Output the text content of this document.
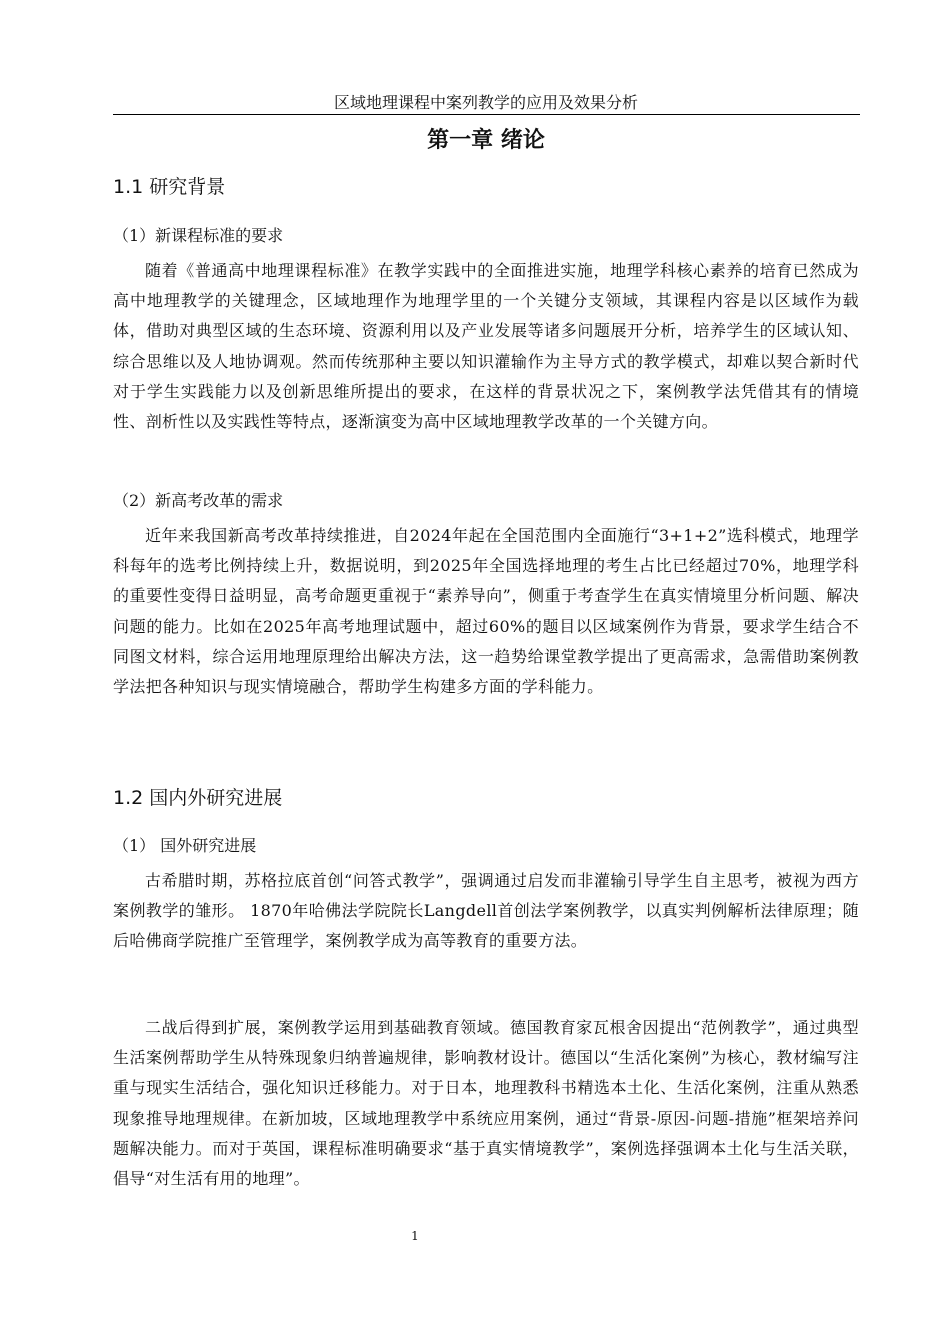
区域地理课程中案列教学的应用及效果分析
第一章 绪论
1.1 研究背景
（1）新课程标准的要求

随着《普通高中地理课程标准》在教学实践中的全面推进实施，地理学科核心素养的培育已然成为高中地理教学的关键理念，区域地理作为地理学里的一个关键分支领域，其课程内容是以区域作为载体，借助对典型区域的生态环境、资源利用以及产业发展等诸多问题展开分析，培养学生的区域认知、综合思维以及人地协调观。然而传统那种主要以知识灌输作为主导方式的教学模式，却难以契合新时代对于学生实践能力以及创新思维所提出的要求，在这样的背景状况之下，案例教学法凭借其有的情境性、剖析性以及实践性等特点，逐渐演变为高中区域地理教学改革的一个关键方向。

（2）新高考改革的需求

近年来我国新高考改革持续推进，自2024年起在全国范围内全面施行“3+1+2”选科模式，地理学科每年的选考比例持续上升，数据说明，到2025年全国选择地理的考生占比已经超过70%，地理学科的重要性变得日益明显，高考命题更重视于“素养导向”，侧重于考查学生在真实情境里分析问题、解决问题的能力。比如在2025年高考地理试题中，超过60%的题目以区域案例作为背景，要求学生结合不同图文材料，综合运用地理原理给出解决方法，这一趋势给课堂教学提出了更高需求，急需借助案例教学法把各种知识与现实情境融合，帮助学生构建多方面的学科能力。

1.2 国内外研究进展
（1） 国外研究进展

古希腊时期，苏格拉底首创“问答式教学”，强调通过启发而非灌输引导学生自主思考，被视为西方案例教学的雏形。 1870年哈佛法学院院长Langdell首创法学案例教学，以真实判例解析法律原理；随后哈佛商学院推广至管理学，案例教学成为高等教育的重要方法。

二战后得到扩展，案例教学运用到基础教育领域。德国教育家瓦根舍因提出“范例教学”，通过典型生活案例帮助学生从特殊现象归纳普遍规律，影响教材设计。德国以“生活化案例”为核心，教材编写注重与现实生活结合，强化知识迁移能力。对于日本，地理教科书精选本土化、生活化案例，注重从熟悉现象推导地理规律。在新加坡，区域地理教学中系统应用案例，通过“背景-原因-问题-措施”框架培养问题解决能力。而对于英国，课程标准明确要求“基于真实情境教学”，案例选择强调本土化与生活关联，倡导“对生活有用的地理”。

1
